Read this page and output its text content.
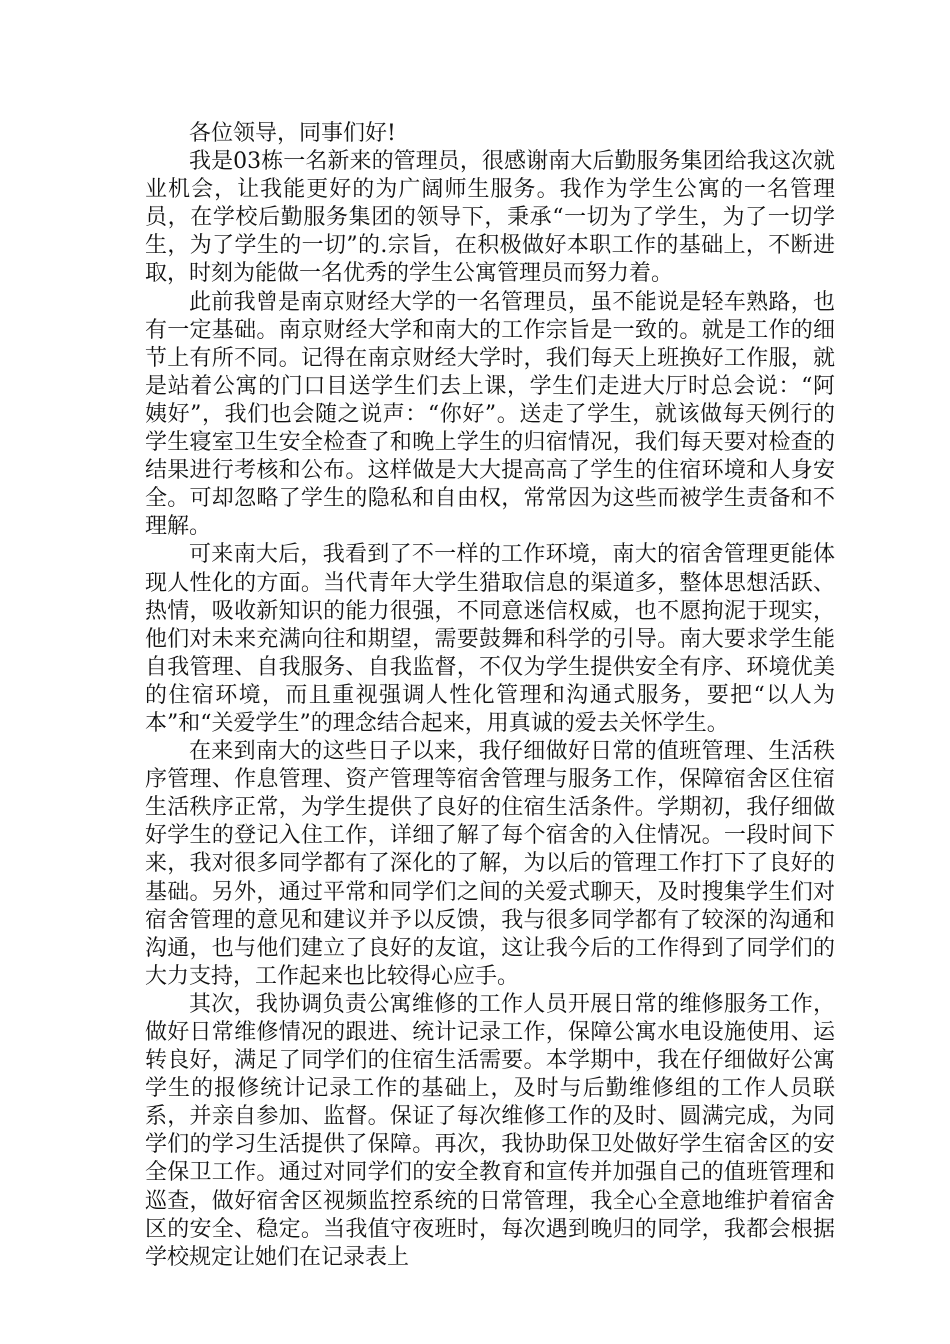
各位领导，同事们好!

我是03栋一名新来的管理员，很感谢南大后勤服务集团给我这次就业机会，让我能更好的为广阔师生服务。我作为学生公寓的一名管理员，在学校后勤服务集团的领导下，秉承“一切为了学生，为了一切学生，为了学生的一切”的.宗旨，在积极做好本职工作的基础上，不断进取，时刻为能做一名优秀的学生公寓管理员而努力着。

此前我曾是南京财经大学的一名管理员，虽不能说是轻车熟路，也有一定基础。南京财经大学和南大的工作宗旨是一致的。就是工作的细节上有所不同。记得在南京财经大学时，我们每天上班换好工作服，就是站着公寓的门口目送学生们去上课，学生们走进大厅时总会说：“阿姨好”，我们也会随之说声：“你好”。送走了学生，就该做每天例行的学生寝室卫生安全检查了和晚上学生的归宿情况，我们每天要对检查的结果进行考核和公布。这样做是大大提高高了学生的住宿环境和人身安全。可却忽略了学生的隐私和自由权，常常因为这些而被学生责备和不理解。

可来南大后，我看到了不一样的工作环境，南大的宿舍管理更能体现人性化的方面。当代青年大学生猎取信息的渠道多，整体思想活跃、热情，吸收新知识的能力很强，不同意迷信权威，也不愿拘泥于现实，他们对未来充满向往和期望，需要鼓舞和科学的引导。南大要求学生能自我管理、自我服务、自我监督，不仅为学生提供安全有序、环境优美的住宿环境，而且重视强调人性化管理和沟通式服务，要把“以人为本”和“关爱学生”的理念结合起来，用真诚的爱去关怀学生。

在来到南大的这些日子以来，我仔细做好日常的值班管理、生活秩序管理、作息管理、资产管理等宿舍管理与服务工作，保障宿舍区住宿生活秩序正常，为学生提供了良好的住宿生活条件。学期初，我仔细做好学生的登记入住工作，详细了解了每个宿舍的入住情况。一段时间下来，我对很多同学都有了深化的了解，为以后的管理工作打下了良好的基础。另外，通过平常和同学们之间的关爱式聊天，及时搜集学生们对宿舍管理的意见和建议并予以反馈，我与很多同学都有了较深的沟通和沟通，也与他们建立了良好的友谊，这让我今后的工作得到了同学们的大力支持，工作起来也比较得心应手。

其次，我协调负责公寓维修的工作人员开展日常的维修服务工作，做好日常维修情况的跟进、统计记录工作，保障公寓水电设施使用、运转良好，满足了同学们的住宿生活需要。本学期中，我在仔细做好公寓学生的报修统计记录工作的基础上，及时与后勤维修组的工作人员联系，并亲自参加、监督。保证了每次维修工作的及时、圆满完成，为同学们的学习生活提供了保障。再次，我协助保卫处做好学生宿舍区的安全保卫工作。通过对同学们的安全教育和宣传并加强自己的值班管理和巡查，做好宿舍区视频监控系统的日常管理，我全心全意地维护着宿舍区的安全、稳定。当我值守夜班时，每次遇到晚归的同学，我都会根据学校规定让她们在记录表上
